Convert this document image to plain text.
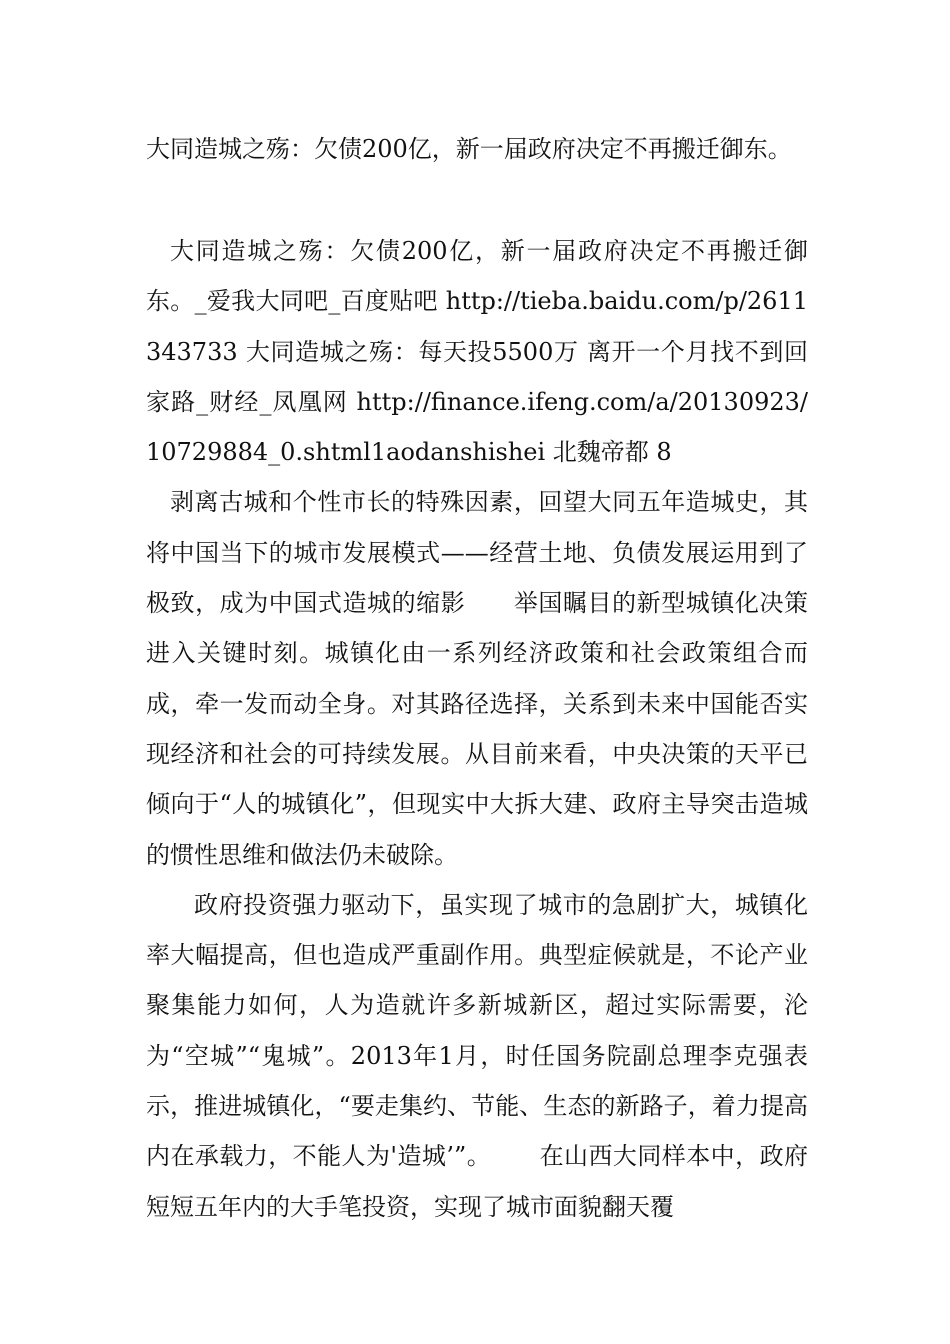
大同造城之殇：欠债200亿，新一届政府决定不再搬迁御东。

大同造城之殇：欠债200亿，新一届政府决定不再搬迁御东。_爱我大同吧_百度贴吧 http://tieba.baidu.com/p/2611343733 大同造城之殇：每天投5500万 离开一个月找不到回家路_财经_凤凰网 http://finance.ifeng.com/a/20130923/10729884_0.shtml1aodanshishei 北魏帝都 8

剥离古城和个性市长的特殊因素，回望大同五年造城史，其将中国当下的城市发展模式——经营土地、负债发展运用到了极致，成为中国式造城的缩影 举国瞩目的新型城镇化决策进入关键时刻。城镇化由一系列经济政策和社会政策组合而成，牵一发而动全身。对其路径选择，关系到未来中国能否实现经济和社会的可持续发展。从目前来看，中央决策的天平已倾向于“人的城镇化”，但现实中大拆大建、政府主导突击造城的惯性思维和做法仍未破除。

政府投资强力驱动下，虽实现了城市的急剧扩大，城镇化率大幅提高，但也造成严重副作用。典型症候就是，不论产业聚集能力如何，人为造就许多新城新区，超过实际需要，沦为“空城”“鬼城”。2013年1月，时任国务院副总理李克强表示，推进城镇化，“要走集约、节能、生态的新路子，着力提高内在承载力，不能人为'造城’”。 在山西大同样本中，政府短短五年内的大手笔投资，实现了城市面貌翻天覆
